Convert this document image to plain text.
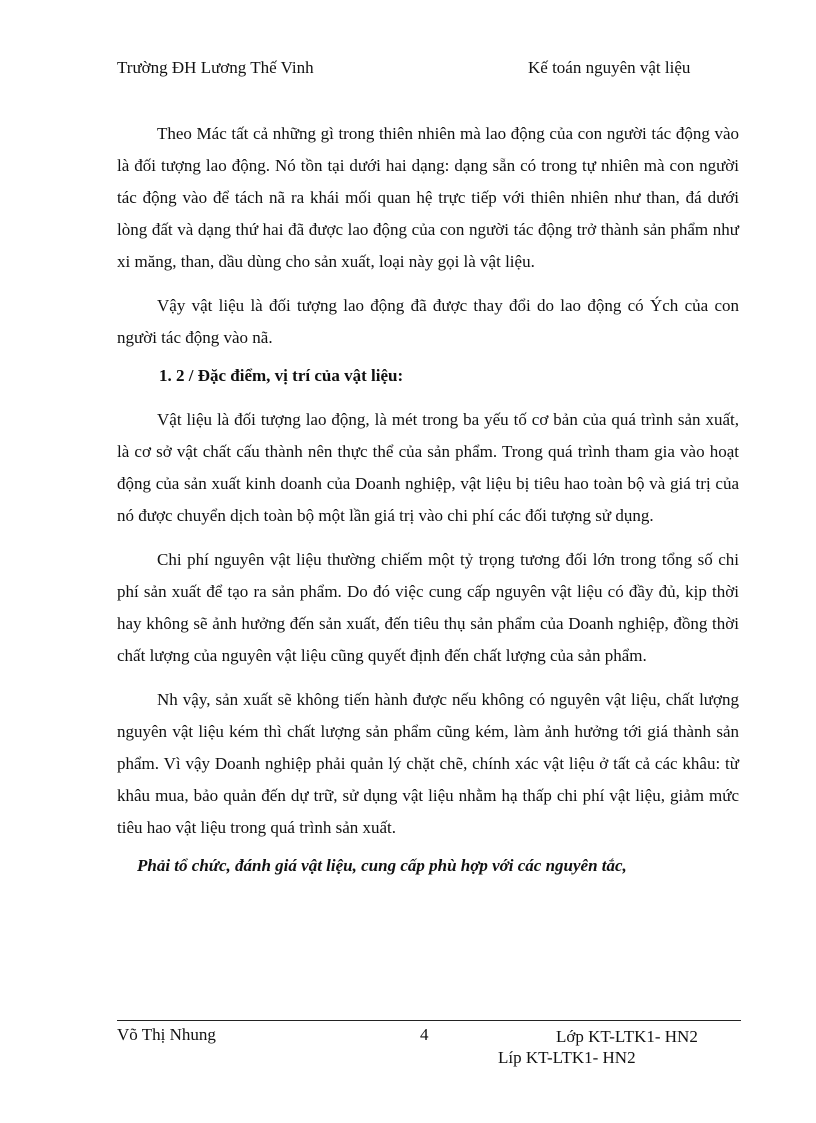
Trường ĐH Lương Thế Vinh	Kế toán nguyên vật liệu

Theo Mác tất cả những gì trong thiên nhiên mà lao động của con người tác động vào là đối tượng lao động. Nó tồn tại dưới hai dạng: dạng sẵn có trong tự nhiên mà con người tác động vào để tách nã ra khái mối quan hệ trực tiếp với thiên nhiên như than, đá dưới lòng đất và dạng thứ hai đã được lao động của con người tác động trở thành sản phẩm như xi măng, than, dầu dùng cho sản xuất, loại này gọi là vật liệu.

Vậy vật liệu là đối tượng lao động đã được thay đổi do lao động có Ých của con người tác động vào nã.

1. 2 / Đặc điểm, vị trí của vật liệu:

Vật liệu là đối tượng lao động, là mét trong ba yếu tố cơ bản của quá trình sản xuất, là cơ sở vật chất cấu thành nên thực thể của sản phẩm. Trong quá trình tham gia vào hoạt động của sản xuất kinh doanh của Doanh nghiệp, vật liệu bị tiêu hao toàn bộ và giá trị của nó được chuyển dịch toàn bộ một lần giá trị vào chi phí các đối tượng sử dụng.

Chi phí nguyên vật liệu thường chiếm một tỷ trọng tương đối lớn trong tổng số chi phí sản xuất để tạo ra sản phẩm. Do đó việc cung cấp nguyên vật liệu có đầy đủ, kịp thời hay không sẽ ảnh hưởng đến sản xuất, đến tiêu thụ sản phẩm của Doanh nghiệp, đồng thời chất lượng của nguyên vật liệu cũng quyết định đến chất lượng của sản phẩm.

Nh vậy, sản xuất sẽ không tiến hành được nếu không có nguyên vật liệu, chất lượng nguyên vật liệu kém thì chất lượng sản phẩm cũng kém, làm ảnh hưởng tới giá thành sản phẩm. Vì vậy Doanh nghiệp phải quản lý chặt chẽ, chính xác vật liệu ở tất cả các khâu: từ khâu mua, bảo quản đến dự trữ, sử dụng vật liệu nhằm hạ thấp chi phí vật liệu, giảm mức tiêu hao vật liệu trong quá trình sản xuất.

Phải tổ chức, đánh giá vật liệu, cung cấp phù hợp với các nguyên tắc,

Võ Thị Nhung	4	Lớp KT-LTK1- HN2
Líp KT-LTK1- HN2
